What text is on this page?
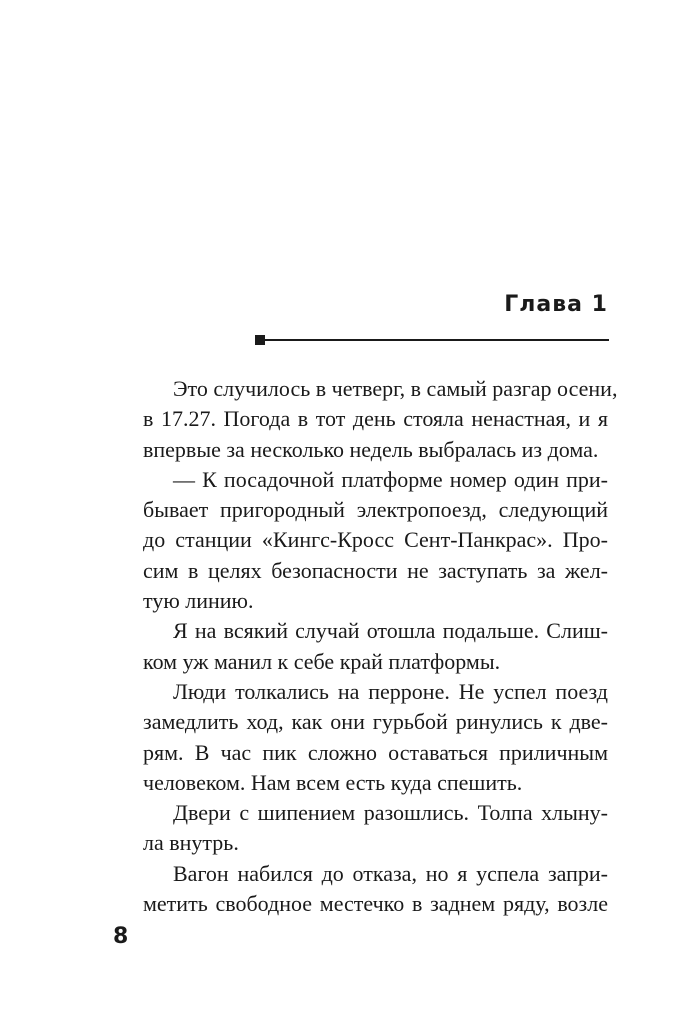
Глава 1
Это случилось в четверг, в самый разгар осени,
в 17.27. Погода в тот день стояла ненастная, и я
впервые за несколько недель выбралась из дома.
— К посадочной платформе номер один при-
бывает пригородный электропоезд, следующий
до станции «Кингс-Кросс Сент-Панкрас». Про-
сим в целях безопасности не заступать за жел-
тую линию.
Я на всякий случай отошла подальше. Слиш-
ком уж манил к себе край платформы.
Люди толкались на перроне. Не успел поезд
замедлить ход, как они гурьбой ринулись к две-
рям. В час пик сложно оставаться приличным
человеком. Нам всем есть куда спешить.
Двери с шипением разошлись. Толпа хлыну-
ла внутрь.
Вагон набился до отказа, но я успела запри-
метить свободное местечко в заднем ряду, возле
8
